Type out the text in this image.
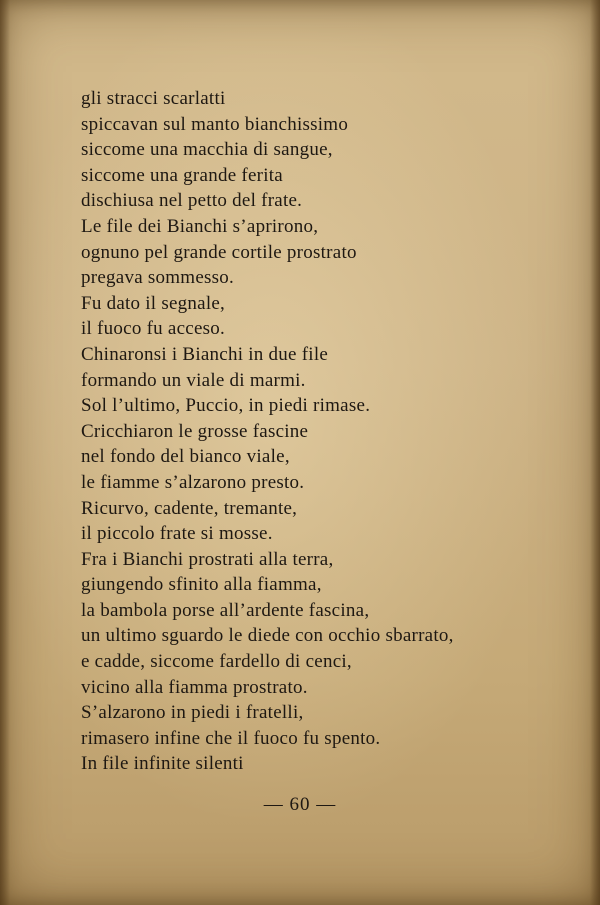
gli stracci scarlatti
spiccavan sul manto bianchissimo
siccome una macchia di sangue,
siccome una grande ferita
dischiusa nel petto del frate.
Le file dei Bianchi s’aprirono,
ognuno pel grande cortile prostrato
pregava sommesso.
Fu dato il segnale,
il fuoco fu acceso.
Chinaronsi i Bianchi in due file
formando un viale di marmi.
Sol l’ultimo, Puccio, in piedi rimase.
Cricchiaron le grosse fascine
nel fondo del bianco viale,
le fiamme s’alzarono presto.
Ricurvo, cadente, tremante,
il piccolo frate si mosse.
Fra i Bianchi prostrati alla terra,
giungendo sfinito alla fiamma,
la bambola porse all’ardente fascina,
un ultimo sguardo le diede con occhio sbarrato,
e cadde, siccome fardello di cenci,
vicino alla fiamma prostrato.
S’alzarono in piedi i fratelli,
rimasero infine che il fuoco fu spento.
In file infinite silenti
— 60 —
